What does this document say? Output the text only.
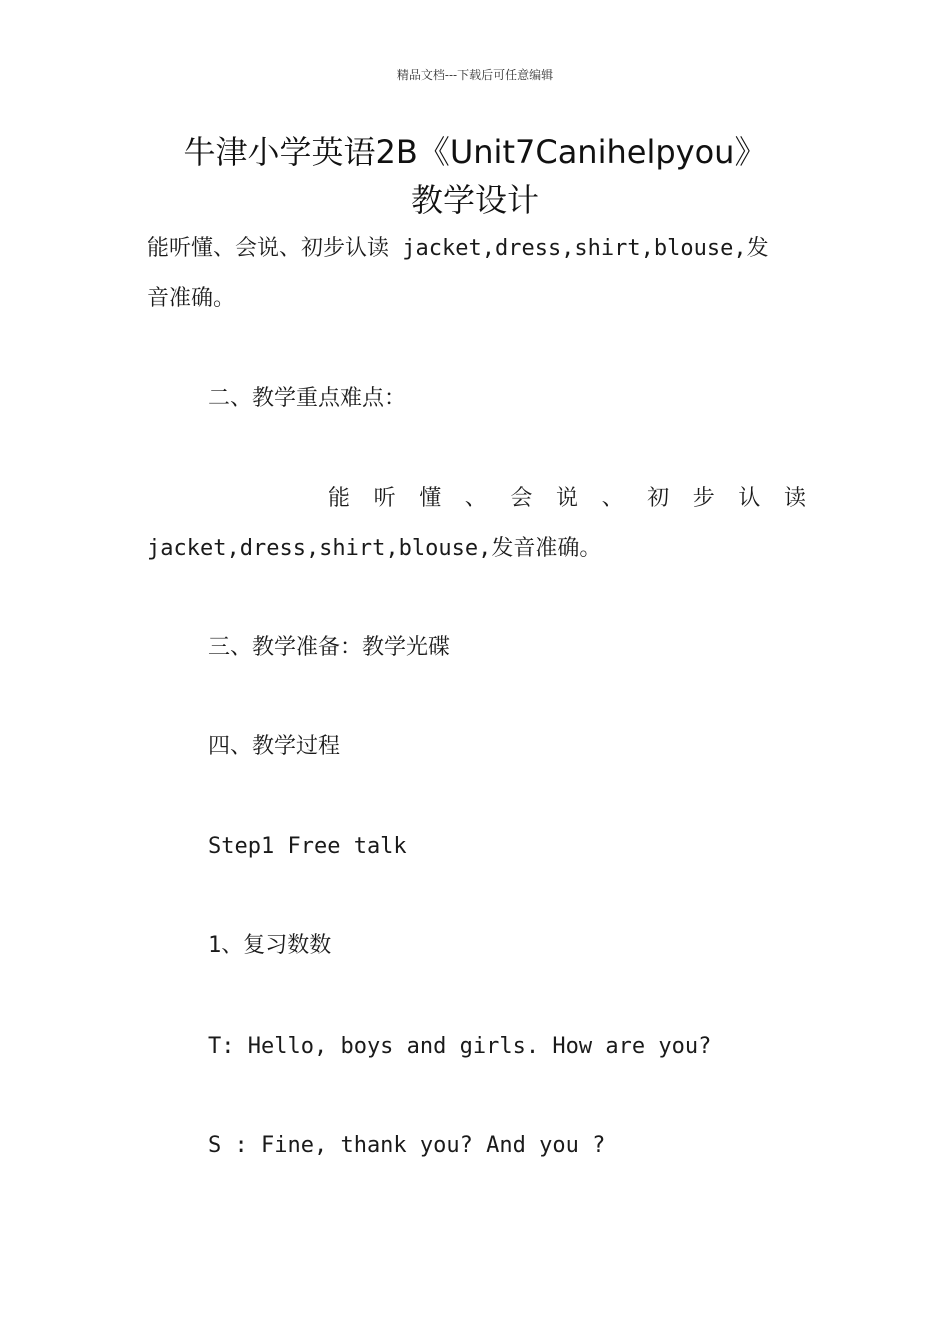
精品文档---下载后可任意编辑
牛津小学英语2B《Unit7Canihelpyou》
教学设计
能听懂、会说、初步认读 jacket,dress,shirt,blouse,发
音准确。
二、教学重点难点：
能 听 懂 、 会 说 、 初 步 认 读
jacket,dress,shirt,blouse,发音准确。
三、教学准备：教学光碟
四、教学过程
Step1 Free talk
1、复习数数
T: Hello, boys and girls. How are you?
S : Fine, thank you? And you ?
